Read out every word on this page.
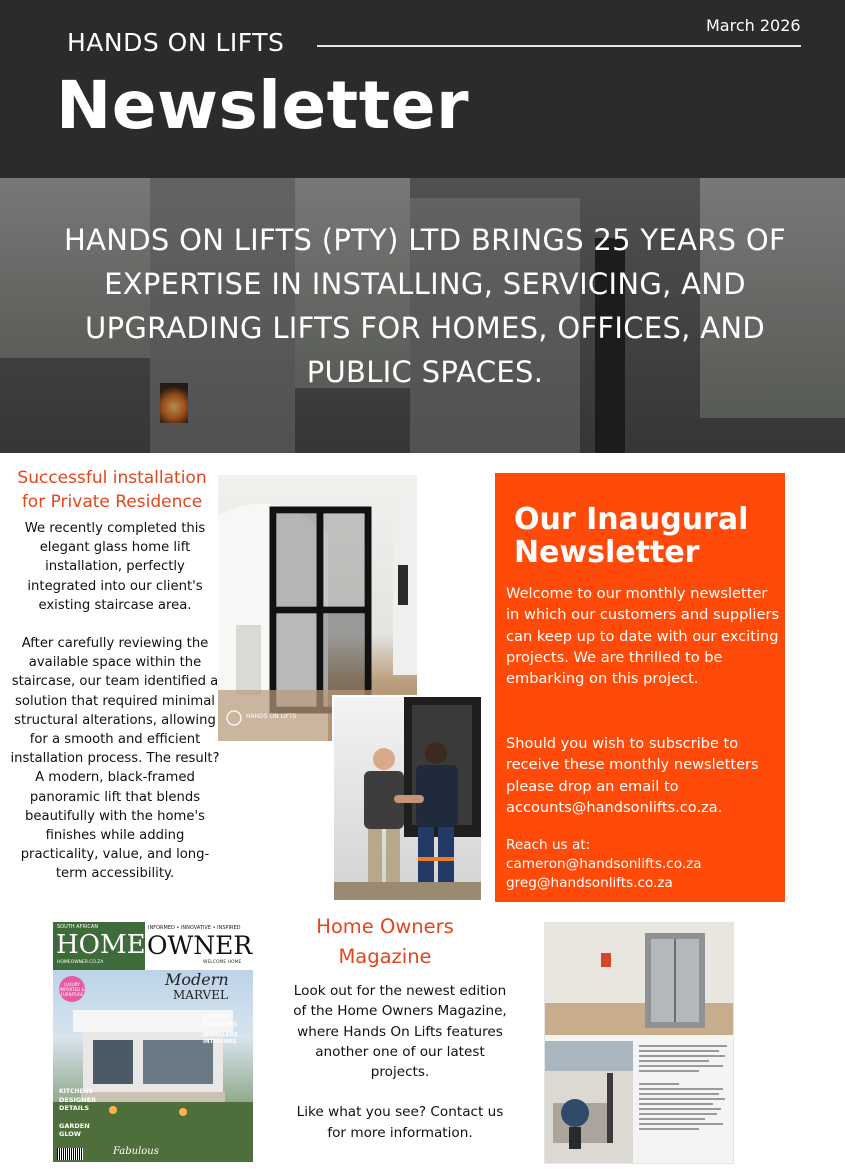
HANDS ON LIFTS
March 2026
Newsletter
HANDS ON LIFTS (PTY) LTD BRINGS 25 YEARS OF EXPERTISE IN INSTALLING, SERVICING, AND UPGRADING LIFTS FOR HOMES, OFFICES, AND PUBLIC SPACES.
Successful installation for Private Residence

We recently completed this elegant glass home lift installation, perfectly integrated into our client's existing staircase area.

After carefully reviewing the available space within the staircase, our team identified a solution that required minimal structural alterations, allowing for a smooth and efficient installation process. The result? A modern, black-framed panoramic lift that blends beautifully with the home's finishes while adding practicality, value, and long-term accessibility.

HANDS ON LIFTS
Our Inaugural Newsletter
Welcome to our monthly newsletter in which our customers and suppliers can keep up to date with our exciting projects. We are thrilled to be embarking on this project.
Should you wish to subscribe to receive these monthly newsletters please drop an email to accounts@handsonlifts.co.za.
Reach us at:
cameron@handsonlifts.co.za
greg@handsonlifts.co.za
SOUTH AFRICAN
HOME
HOMEOWNER.CO.ZA
INFORMED • INNOVATIVE • INSPIRED
OWNER
WELCOME HOME
LUXURY IMPORTED & FURNITURE
Modern
MARVEL
LUXURY SHOWERS
JEWELLERS INTERIORS
KITCHENS
DESIGNER DETAILS
GARDEN GLOW
Fabulous
Home Owners Magazine

Look out for the newest edition of the Home Owners Magazine, where Hands On Lifts features another one of our latest projects.

Like what you see? Contact us for more information.
